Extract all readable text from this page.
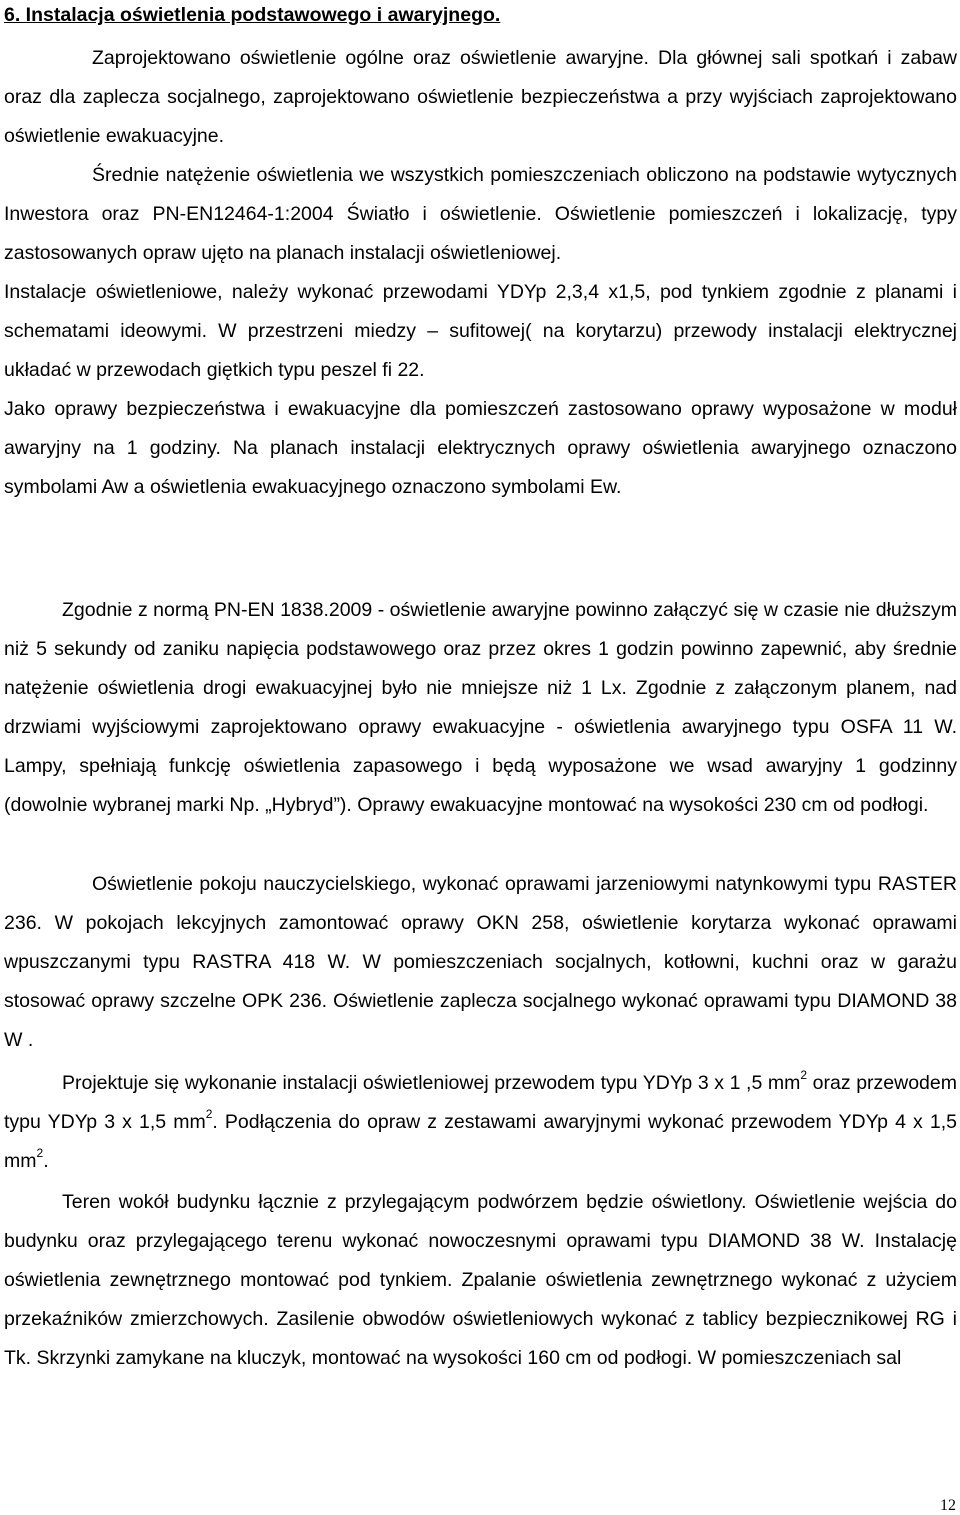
6. Instalacja oświetlenia podstawowego i awaryjnego.

Zaprojektowano oświetlenie ogólne oraz oświetlenie awaryjne. Dla głównej sali spotkań i zabaw oraz dla zaplecza socjalnego, zaprojektowano oświetlenie bezpieczeństwa a przy wyjściach zaprojektowano oświetlenie ewakuacyjne.

Średnie natężenie oświetlenia we wszystkich pomieszczeniach obliczono na podstawie wytycznych Inwestora oraz PN-EN12464-1:2004 Światło i oświetlenie. Oświetlenie pomieszczeń i lokalizację, typy zastosowanych opraw ujęto na planach instalacji oświetleniowej.

Instalacje oświetleniowe, należy wykonać przewodami YDYp 2,3,4 x1,5, pod tynkiem zgodnie z planami i schematami ideowymi. W przestrzeni miedzy – sufitowej( na korytarzu) przewody instalacji elektrycznej układać w przewodach giętkich typu peszel fi 22.

Jako oprawy bezpieczeństwa i ewakuacyjne dla pomieszczeń zastosowano oprawy wyposażone w moduł awaryjny na 1 godziny. Na planach instalacji elektrycznych oprawy oświetlenia awaryjnego oznaczono symbolami Aw a oświetlenia ewakuacyjnego oznaczono symbolami Ew.

Zgodnie z normą PN-EN 1838.2009 - oświetlenie awaryjne powinno załączyć się w czasie nie dłuższym niż 5 sekundy od zaniku napięcia podstawowego oraz przez okres 1 godzin powinno zapewnić, aby średnie natężenie oświetlenia drogi ewakuacyjnej było nie mniejsze niż 1 Lx. Zgodnie z załączonym planem, nad drzwiami wyjściowymi zaprojektowano oprawy ewakuacyjne - oświetlenia awaryjnego typu OSFA 11 W. Lampy, spełniają funkcję oświetlenia zapasowego i będą wyposażone we wsad awaryjny 1 godzinny (dowolnie wybranej marki Np. „Hybryd”). Oprawy ewakuacyjne montować na wysokości 230 cm od podłogi.

Oświetlenie pokoju nauczycielskiego, wykonać oprawami jarzeniowymi natynkowymi typu RASTER 236. W pokojach lekcyjnych zamontować oprawy OKN 258, oświetlenie korytarza wykonać oprawami wpuszczanymi typu RASTRA 418 W. W pomieszczeniach socjalnych, kotłowni, kuchni oraz w garażu stosować oprawy szczelne OPK 236. Oświetlenie zaplecza socjalnego wykonać oprawami typu DIAMOND 38 W .

Projektuje się wykonanie instalacji oświetleniowej przewodem typu YDYp 3 x 1 ,5 $mm^2$ oraz przewodem typu YDYp 3 x 1,5 $mm^2$. Podłączenia do opraw z zestawami awaryjnymi wykonać przewodem YDYp 4 x 1,5 $mm^2$.

Teren wokół budynku łącznie z przylegającym podwórzem będzie oświetlony. Oświetlenie wejścia do budynku oraz przylegającego terenu wykonać nowoczesnymi oprawami typu DIAMOND 38 W. Instalację oświetlenia zewnętrznego montować pod tynkiem. Zpalanie oświetlenia zewnętrznego wykonać z użyciem przekaźników zmierzchowych. Zasilenie obwodów oświetleniowych wykonać z tablicy bezpiecznikowej RG i Tk. Skrzynki zamykane na kluczyk, montować na wysokości 160 cm od podłogi. W pomieszczeniach sal

12
